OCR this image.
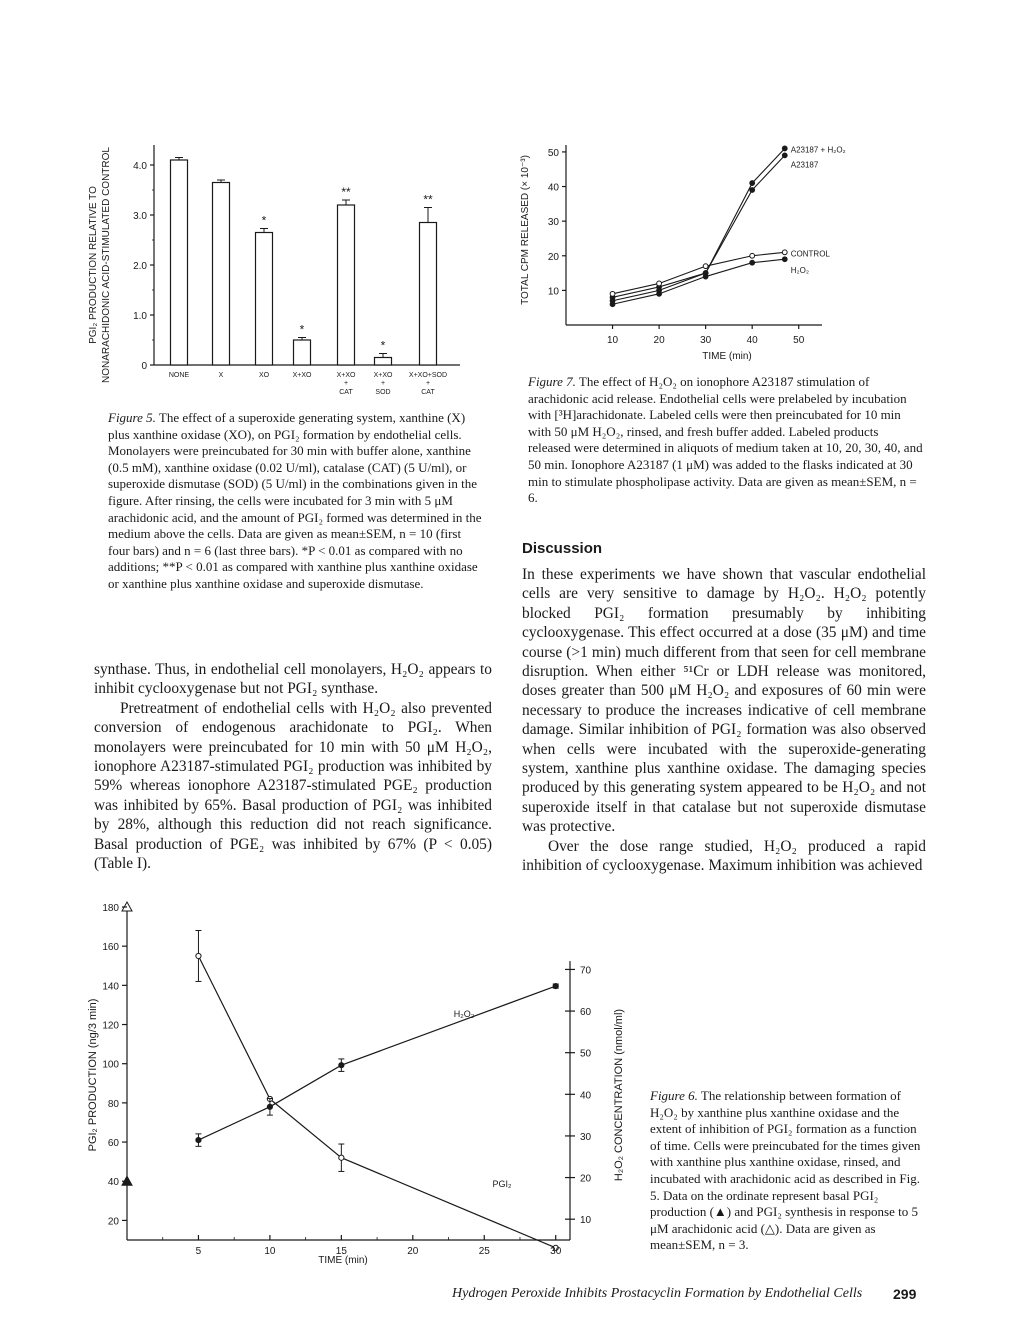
*
*
**
*
**
0
1.0
2.0
3.0
4.0
NONE	X	XO	X+XO	X+XO
+
CAT
X+XO
+
SOD
X+XO+SOD
+
CAT
PGI₂ PRODUCTION RELATIVE TO NONARACHIDONIC ACID-STIMULATED CONTROL
Figure 5. The effect of a superoxide generating system, xanthine (X) plus xanthine oxidase (XO), on PGI₂ formation by endothelial cells. Monolayers were preincubated for 30 min with buffer alone, xanthine (0.5 mM), xanthine oxidase (0.02 U/ml), catalase (CAT) (5 U/ml), or superoxide dismutase (SOD) (5 U/ml) in the combinations given in the figure. After rinsing, the cells were incubated for 3 min with 5 μM arachidonic acid, and the amount of PGI₂ formed was determined in the medium above the cells. Data are given as mean±SEM, n = 10 (first four bars) and n = 6 (last three bars). *P < 0.01 as compared with no additions; **P < 0.01 as compared with xanthine plus xanthine oxidase or xanthine plus xanthine oxidase and superoxide dismutase.
10	20	30	40	50
10
20
30
40
50	A23187 + H₂O₂
A23187
CONTROL
H₂O₂
TIME (min)
TOTAL CPM RELEASED (× 10⁻³)
Figure 7. The effect of H₂O₂ on ionophore A23187 stimulation of arachidonic acid release. Endothelial cells were prelabeled by incubation with [³H]arachidonate. Labeled cells were then preincubated for 10 min with 50 μM H₂O₂, rinsed, and fresh buffer added. Labeled products released were determined in aliquots of medium taken at 10, 20, 30, 40, and 50 min. Ionophore A23187 (1 μM) was added to the flasks indicated at 30 min to stimulate phospholipase activity. Data are given as mean±SEM, n = 6.

synthase. Thus, in endothelial cell monolayers, H₂O₂ appears to inhibit cyclooxygenase but not PGI₂ synthase.

Pretreatment of endothelial cells with H₂O₂ also prevented conversion of endogenous arachidonate to PGI₂. When monolayers were preincubated for 10 min with 50 μM H₂O₂, ionophore A23187-stimulated PGI₂ production was inhibited by 59% whereas ionophore A23187-stimulated PGE₂ production was inhibited by 65%. Basal production of PGI₂ was inhibited by 28%, although this reduction did not reach significance. Basal production of PGE₂ was inhibited by 67% (P < 0.05) (Table I).

Discussion

In these experiments we have shown that vascular endothelial cells are very sensitive to damage by H₂O₂. H₂O₂ potently blocked PGI₂ formation presumably by inhibiting cyclooxygenase. This effect occurred at a dose (35 μM) and time course (>1 min) much different from that seen for cell membrane disruption. When either ⁵¹Cr or LDH release was monitored, doses greater than 500 μM H₂O₂ and exposures of 60 min were necessary to produce the increases indicative of cell membrane damage. Similar inhibition of PGI₂ formation was also observed when cells were incubated with the superoxide-generating system, xanthine plus xanthine oxidase. The damaging species produced by this generating system appeared to be H₂O₂ and not superoxide itself in that catalase but not superoxide dismutase was protective.

Over the dose range studied, H₂O₂ produced a rapid inhibition of cyclooxygenase. Maximum inhibition was achieved

H₂O₂
PGI₂
5	10	15	20	25	30
20
40
60
80
100
120
140
160
180
10
20
30
40
50
60
70
TIME (min)
PGI₂ PRODUCTION (ng/3 min)	H₂O₂ CONCENTRATION (nmol/ml) Figure 6. The relationship between formation of H₂O₂ by xanthine plus xanthine oxidase and the extent of inhibition of PGI₂ formation as a function of time. Cells were preincubated for the times given with xanthine plus xanthine oxidase, rinsed, and incubated with arachidonic acid as described in Fig. 5. Data on the ordinate represent basal PGI₂ production (▲) and PGI₂ synthesis in response to 5 μM arachidonic acid (△). Data are given as mean±SEM, n = 3.
Hydrogen Peroxide Inhibits Prostacyclin Formation by Endothelial Cells 299
